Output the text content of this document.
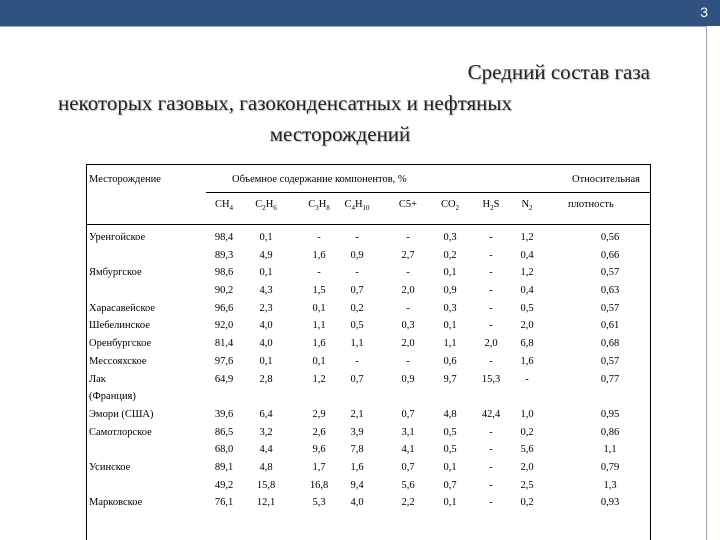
3
Средний состав газа
некоторых газовых, газоконденсатных и нефтяных
месторождений
Месторождение	Объемное содержание компонентов, %	Относительная
плотность
$CH_4$	$C_2H_6$	$C_3H_8$	$C_4H_{10}$	C5+	$CO_2$	$H_2S$	$N_2$
Уренгойское	98,4	0,1	-	-	-	0,3	-	1,2	0,56
89,3	4,9	1,6	0,9	2,7	0,2	-	0,4	0,66
Ямбургское	98,6	0,1	-	-	-	0,1	-	1,2	0,57
90,2	4,3	1,5	0,7	2,0	0,9	-	0,4	0,63
Харасавейское	96,6	2,3	0,1	0,2	-	0,3	-	0,5	0,57
Шебелинское	92,0	4,0	1,1	0,5	0,3	0,1	-	2,0	0,61
Оренбургское	81,4	4,0	1,6	1,1	2,0	1,1	2,0	6,8	0,68
Мессояхское	97,6	0,1	0,1	-	-	0,6	-	1,6	0,57
Лак	64,9	2,8	1,2	0,7	0,9	9,7	15,3	-	0,77
(Франция)
Эмори (США)	39,6	6,4	2,9	2,1	0,7	4,8	42,4	1,0	0,95
Самотлорское	86,5	3,2	2,6	3,9	3,1	0,5	-	0,2	0,86
68,0	4,4	9,6	7,8	4,1	0,5	-	5,6	1,1
Усинское	89,1	4,8	1,7	1,6	0,7	0,1	-	2,0	0,79
49,2	15,8	16,8	9,4	5,6	0,7	-	2,5	1,3
Марковское	76,1	12,1	5,3	4,0	2,2	0,1	-	0,2	0,93
